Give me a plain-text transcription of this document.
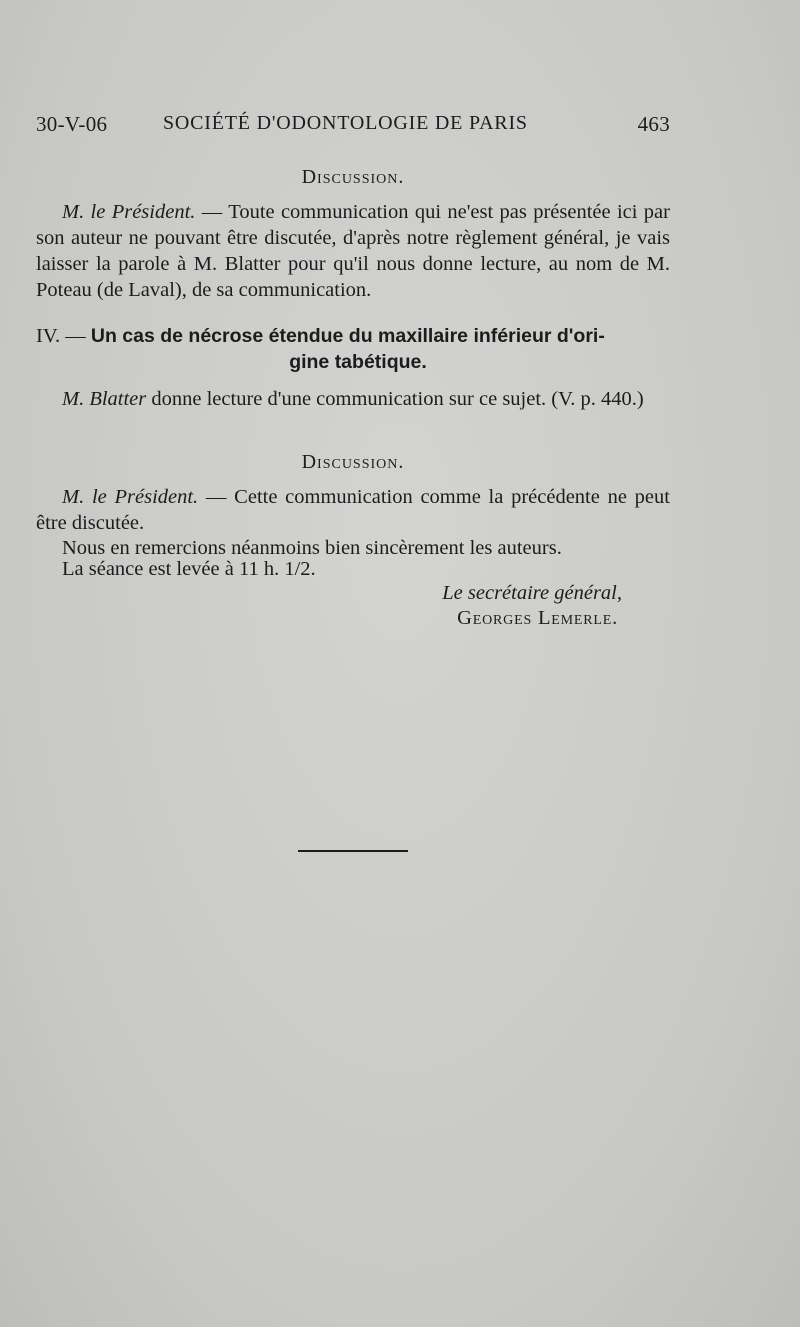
30-V-06	SOCIÉTÉ D'ODONTOLOGIE DE PARIS	463
Discussion.
M. le Président. — Toute communication qui ne'est pas présentée ici par son auteur ne pouvant être discutée, d'après notre règlement général, je vais laisser la parole à M. Blatter pour qu'il nous donne lecture, au nom de M. Poteau (de Laval), de sa communication.
IV. — Un cas de nécrose étendue du maxillaire inférieur d'ori-
gine tabétique.
M. Blatter donne lecture d'une communication sur ce sujet. (V. p. 440.)
Discussion.
M. le Président. — Cette communication comme la précédente ne peut être discutée.
Nous en remercions néanmoins bien sincèrement les auteurs.
La séance est levée à 11 h. 1/2.
Le secrétaire général,
Georges Lemerle.
